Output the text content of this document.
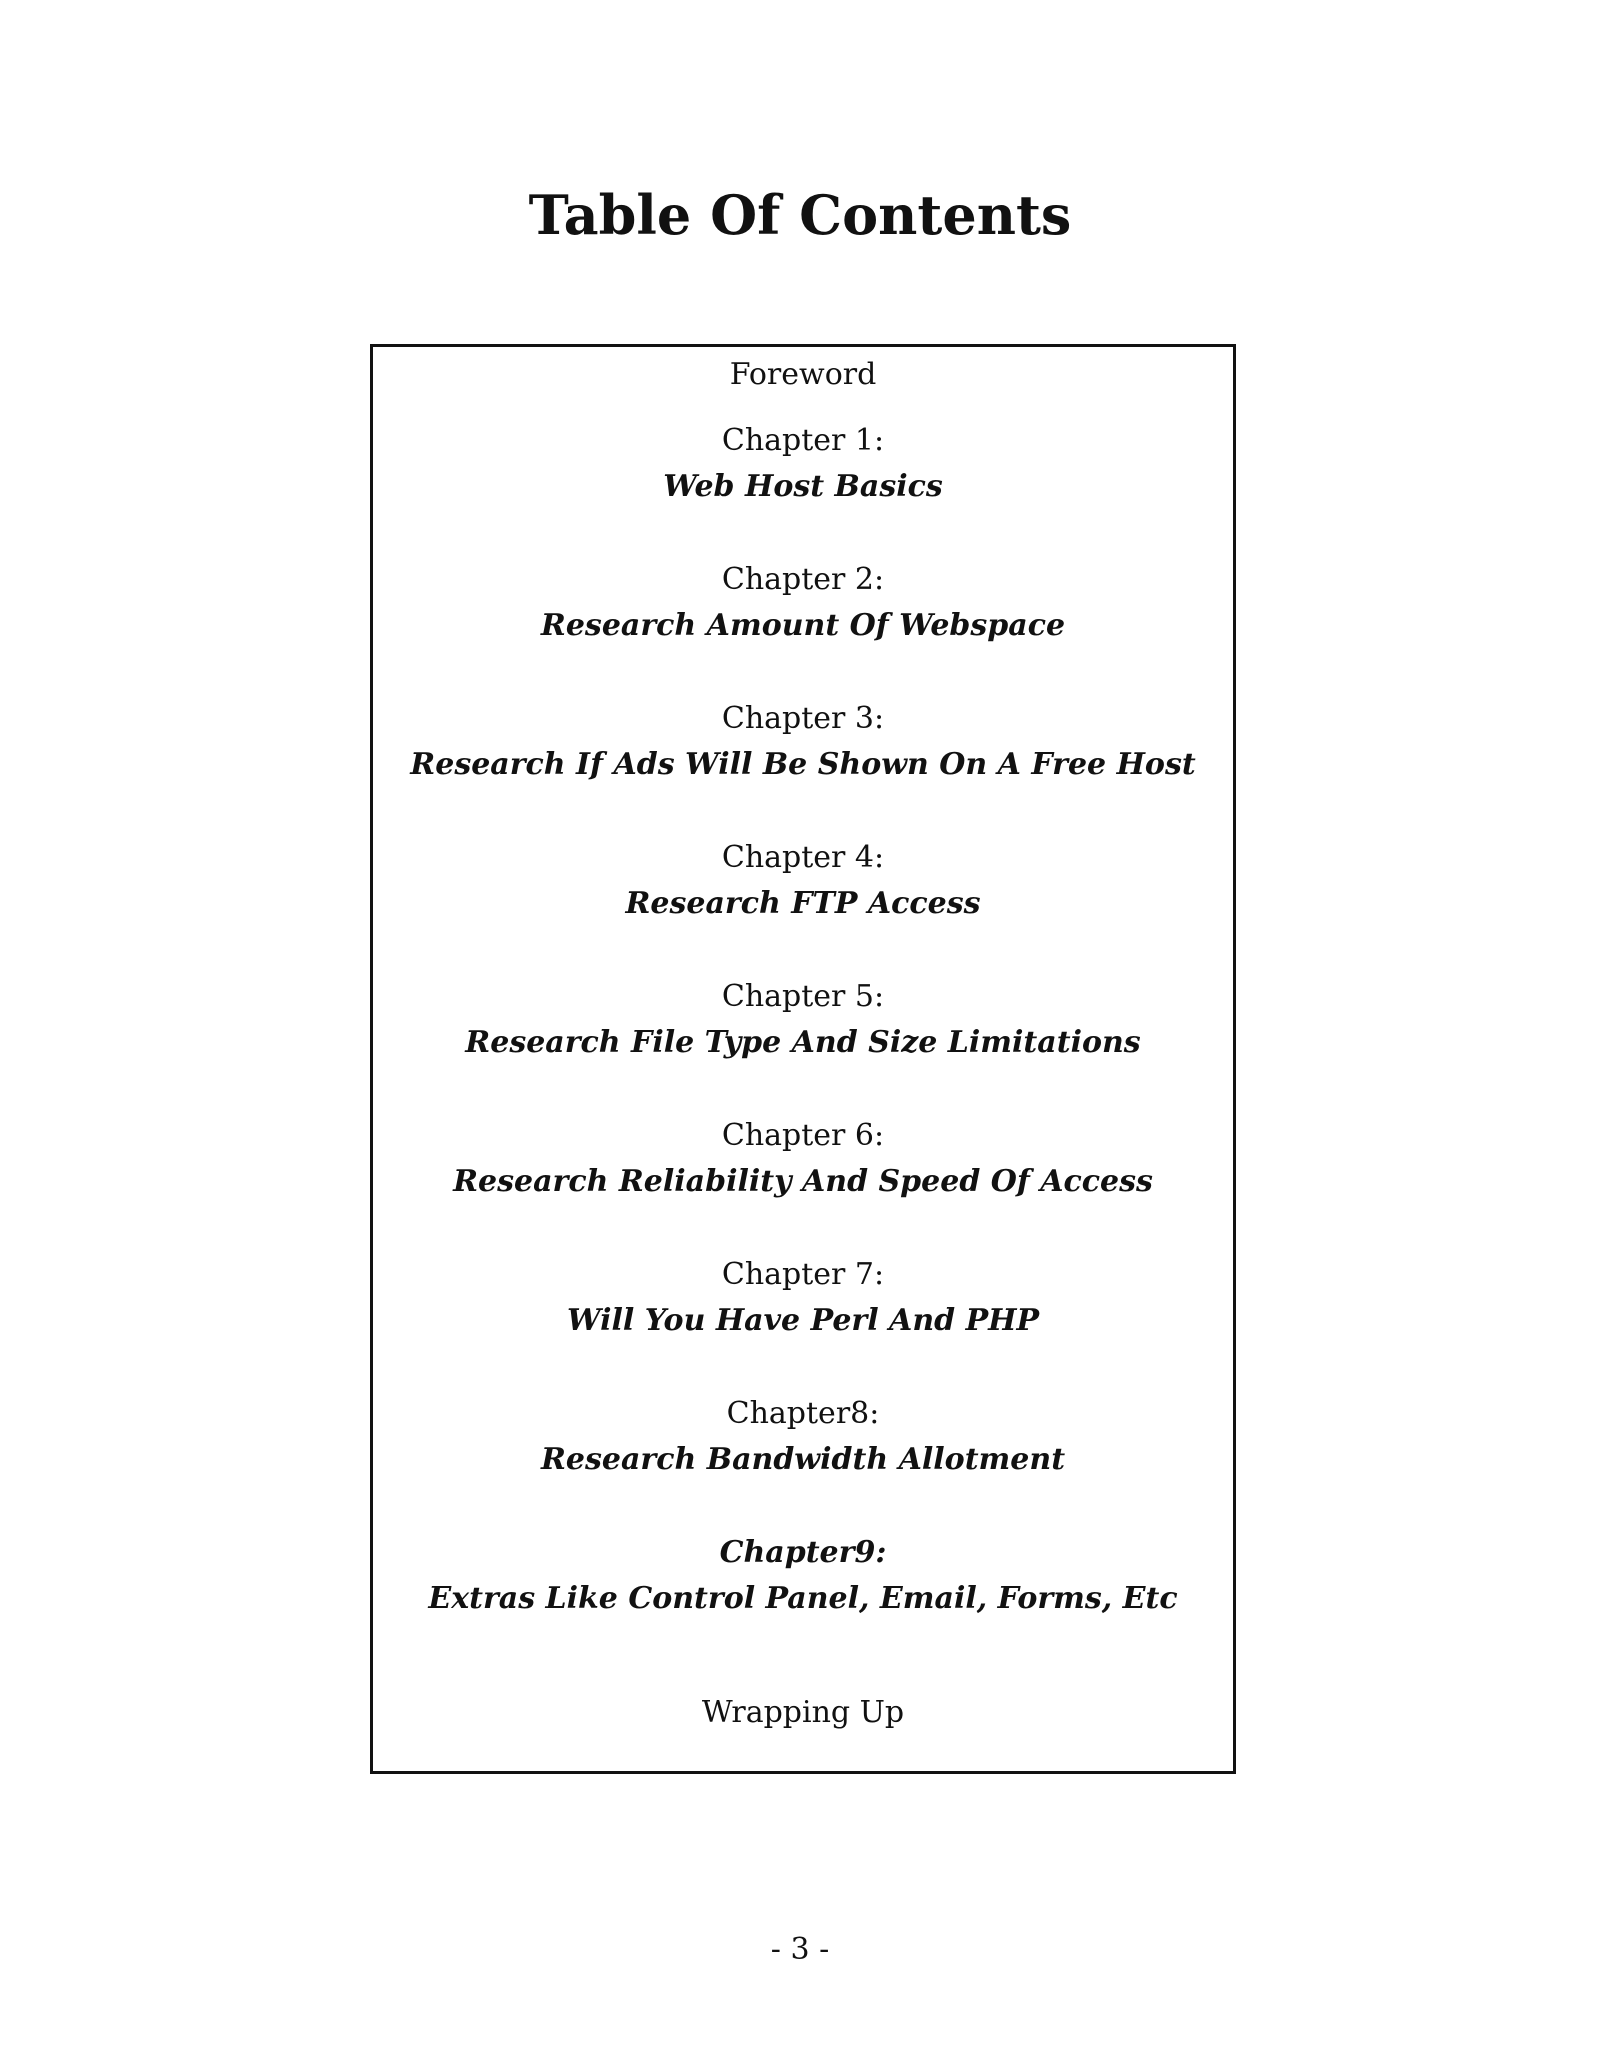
Table Of Contents
Foreword
Chapter 1:
Web Host Basics
Chapter 2:
Research Amount Of Webspace
Chapter 3:
Research If Ads Will Be Shown On A Free Host
Chapter 4:
Research FTP Access
Chapter 5:
Research File Type And Size Limitations
Chapter 6:
Research Reliability And Speed Of Access
Chapter 7:
Will You Have Perl And PHP
Chapter8:
Research Bandwidth Allotment
Chapter9:
Extras Like Control Panel, Email, Forms, Etc
Wrapping Up
- 3 -
